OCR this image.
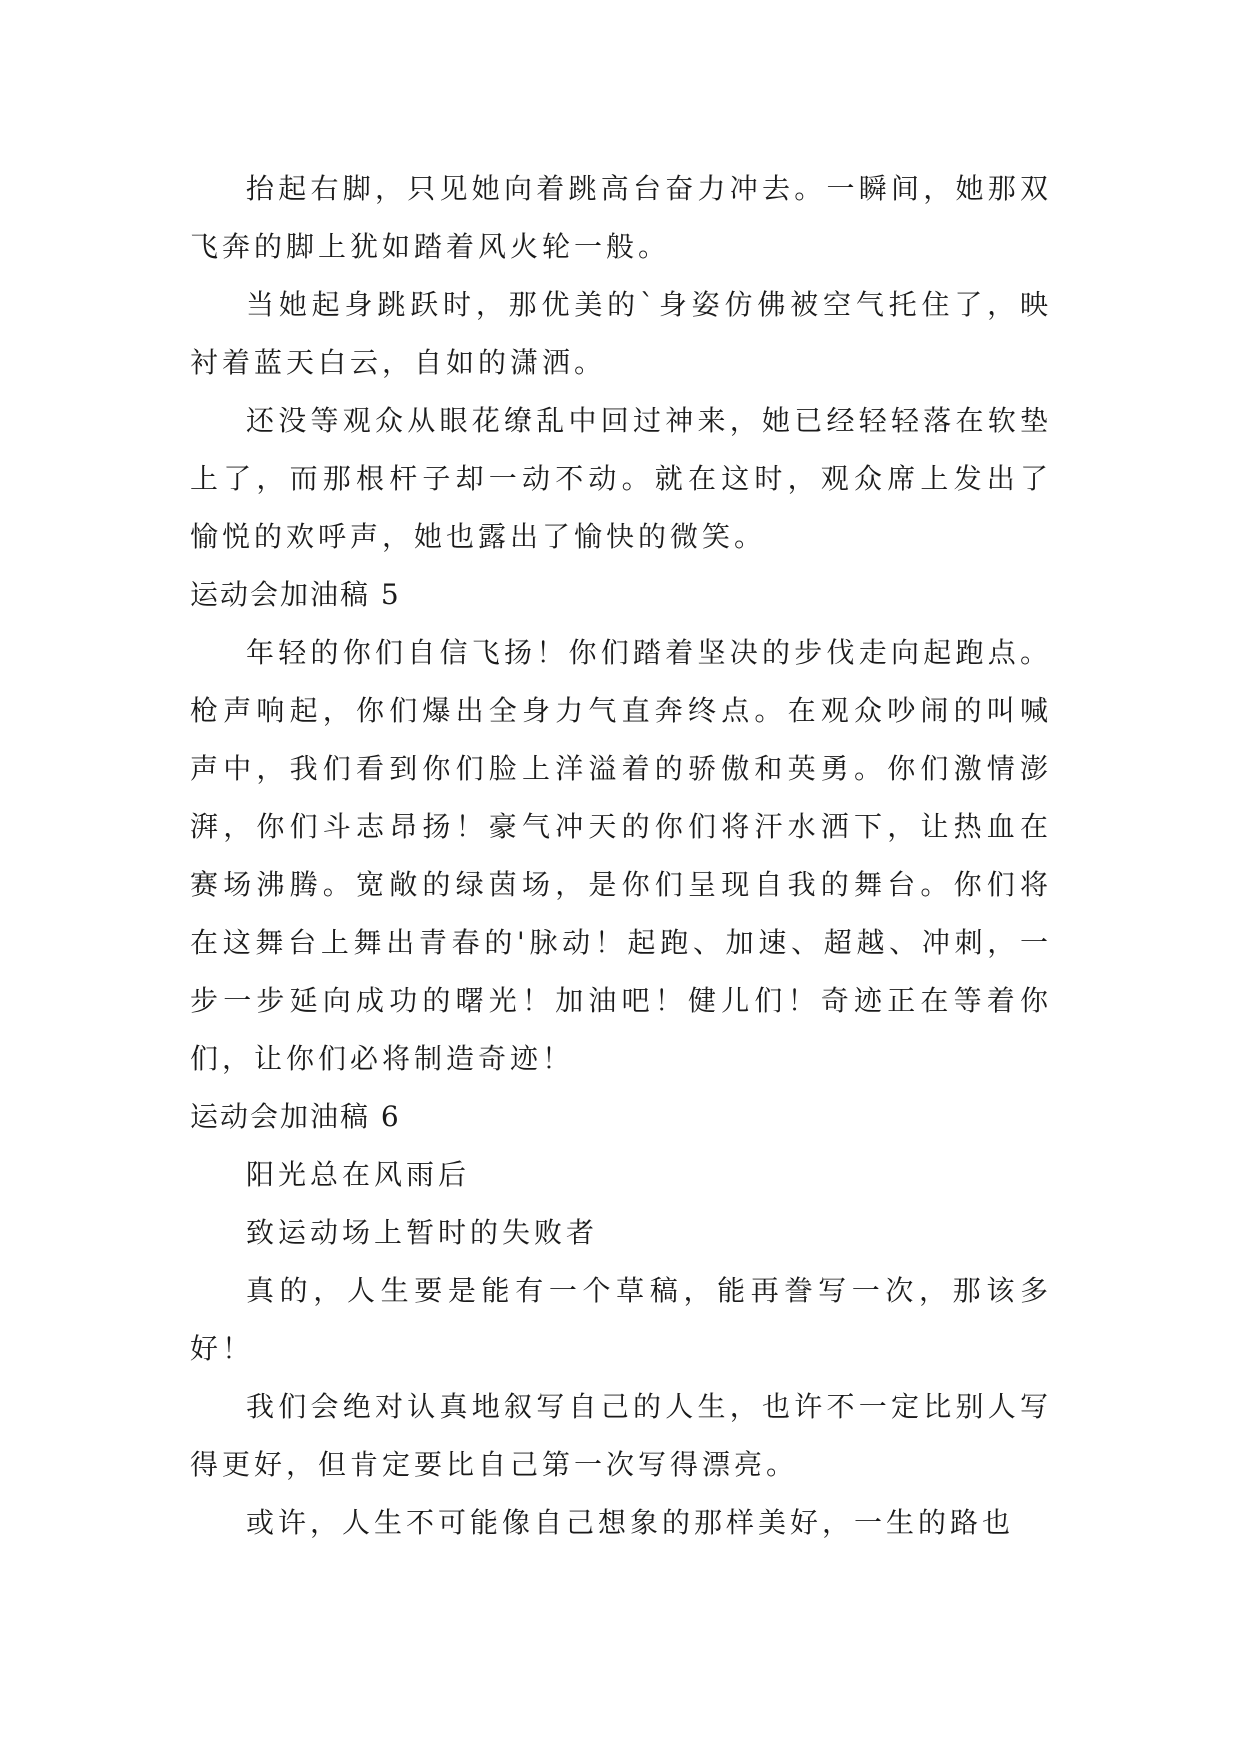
抬起右脚，只见她向着跳高台奋力冲去。一瞬间，她那双飞奔的脚上犹如踏着风火轮一般。

当她起身跳跃时，那优美的`身姿仿佛被空气托住了，映衬着蓝天白云，自如的潇洒。

还没等观众从眼花缭乱中回过神来，她已经轻轻落在软垫上了，而那根杆子却一动不动。就在这时，观众席上发出了愉悦的欢呼声，她也露出了愉快的微笑。

运动会加油稿 5

年轻的你们自信飞扬！你们踏着坚决的步伐走向起跑点。枪声响起，你们爆出全身力气直奔终点。在观众吵闹的叫喊声中，我们看到你们脸上洋溢着的骄傲和英勇。你们激情澎湃，你们斗志昂扬！豪气冲天的你们将汗水洒下，让热血在赛场沸腾。宽敞的绿茵场，是你们呈现自我的舞台。你们将在这舞台上舞出青春的'脉动！起跑、加速、超越、冲刺，一步一步延向成功的曙光！加油吧！健儿们！奇迹正在等着你们，让你们必将制造奇迹！

运动会加油稿 6

阳光总在风雨后

致运动场上暂时的失败者

真的，人生要是能有一个草稿，能再誊写一次，那该多好！

我们会绝对认真地叙写自己的人生，也许不一定比别人写得更好，但肯定要比自己第一次写得漂亮。

或许，人生不可能像自己想象的那样美好，一生的路也
